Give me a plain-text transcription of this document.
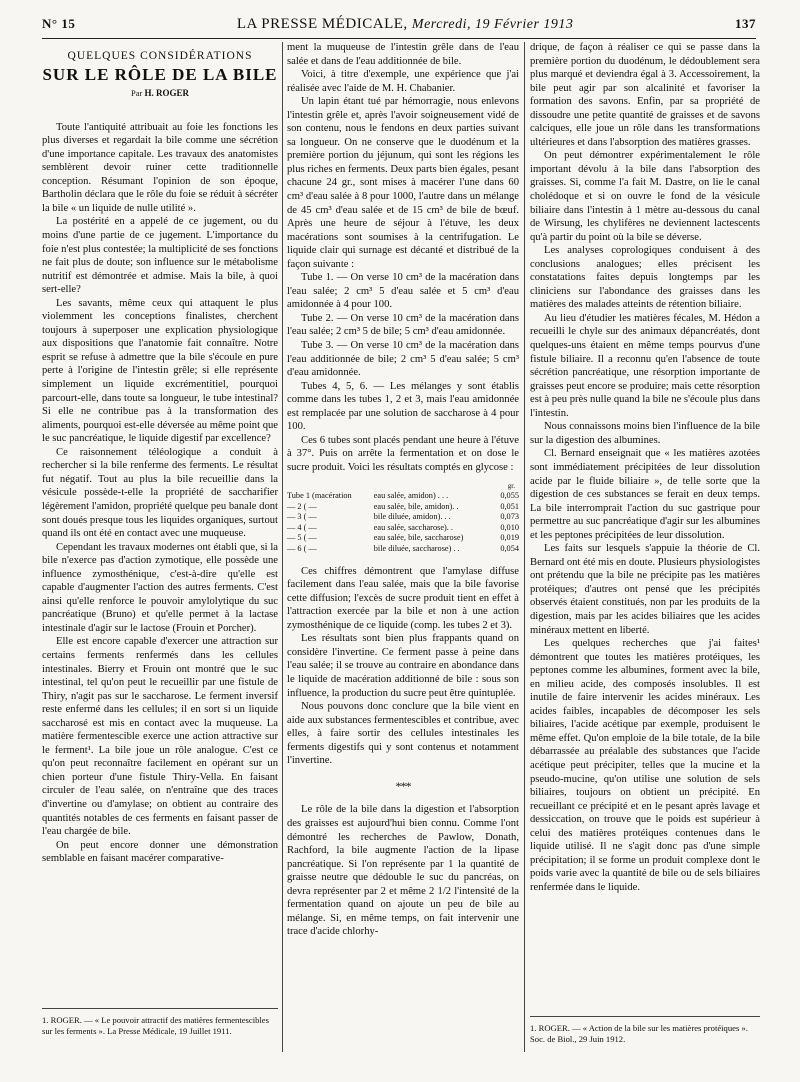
N° 15	LA PRESSE MÉDICALE, Mercredi, 19 Février 1913	137
QUELQUES CONSIDÉRATIONS
SUR LE RÔLE DE LA BILE
Par H. ROGER

Toute l'antiquité attribuait au foie les fonctions les plus diverses et regardait la bile comme une sécrétion d'une importance capitale. Les travaux des anatomistes semblèrent devoir ruiner cette traditionnelle conception. Résumant l'opinion de son époque, Bartholin déclara que le rôle du foie se réduit à sécréter la bile « un liquide de nulle utilité ».

La postérité en a appelé de ce jugement, ou du moins d'une partie de ce jugement. L'importance du foie n'est plus contestée; la multiplicité de ses fonctions ne fait plus de doute; son influence sur le métabolisme nutritif est démontrée et admise. Mais la bile, à quoi sert-elle?

Les savants, même ceux qui attaquent le plus violemment les conceptions finalistes, cherchent toujours à superposer une explication physiologique aux dispositions que l'anatomie fait connaître. Notre esprit se refuse à admettre que la bile s'écoule en pure perte à l'origine de l'intestin grêle; si elle représente simplement un liquide excrémentitiel, pourquoi parcourt-elle, dans toute sa longueur, le tube intestinal? Si elle ne contribue pas à la transformation des aliments, pourquoi est-elle déversée au même point que le suc pancréatique, le liquide digestif par excellence?

Ce raisonnement téléologique a conduit à rechercher si la bile renferme des ferments. Le résultat fut négatif. Tout au plus la bile recueillie dans la vésicule possède-t-elle la propriété de saccharifier légèrement l'amidon, propriété quelque peu banale dont sont doués presque tous les liquides organiques, surtout quand ils ont été en contact avec une muqueuse.

Cependant les travaux modernes ont établi que, si la bile n'exerce pas d'action zymotique, elle possède une influence zymosthénique, c'est-à-dire qu'elle est capable d'augmenter l'action des autres ferments. C'est ainsi qu'elle renforce le pouvoir amylolytique du suc pancréatique (Bruno) et qu'elle permet à la lactase intestinale d'agir sur le lactose (Frouin et Porcher).

Elle est encore capable d'exercer une attraction sur certains ferments renfermés dans les cellules intestinales. Bierry et Frouin ont montré que le suc intestinal, tel qu'on peut le recueillir par une fistule de Thiry, n'agit pas sur le saccharose. Le ferment inversif reste enfermé dans les cellules; il en sort si un liquide saccharosé est mis en contact avec la muqueuse. La matière fermentescible exerce une action attractive sur le ferment¹. La bile joue un rôle analogue. C'est ce qu'on peut reconnaître facilement en opérant sur un chien porteur d'une fistule Thiry-Vella. En faisant circuler de l'eau salée, on n'entraîne que des traces d'invertine ou d'amylase; on obtient au contraire des quantités notables de ces ferments en faisant passer de l'eau chargée de bile.

On peut encore donner une démonstration semblable en faisant macérer comparative-

1. ROGER. — « Le pouvoir attractif des matières fermentescibles sur les ferments ». La Presse Médicale, 19 Juillet 1911.

ment la muqueuse de l'intestin grêle dans de l'eau salée et dans de l'eau additionnée de bile.

Voici, à titre d'exemple, une expérience que j'ai réalisée avec l'aide de M. H. Chabanier.

Un lapin étant tué par hémorragie, nous enlevons l'intestin grêle et, après l'avoir soigneusement vidé de son contenu, nous le fendons en deux parties suivant sa longueur. On ne conserve que le duodénum et la première portion du jéjunum, qui sont les régions les plus riches en ferments. Deux parts bien égales, pesant chacune 24 gr., sont mises à macérer l'une dans 60 cm³ d'eau salée à 8 pour 1000, l'autre dans un mélange de 45 cm³ d'eau salée et de 15 cm³ de bile de bœuf. Après une heure de séjour à l'étuve, les deux macérations sont soumises à la centrifugation. Le liquide clair qui surnage est décanté et distribué de la façon suivante :

Tube 1. — On verse 10 cm³ de la macération dans l'eau salée; 2 cm³ 5 d'eau salée et 5 cm³ d'eau amidonnée à 4 pour 100.

Tube 2. — On verse 10 cm³ de la macération dans l'eau salée; 2 cm³ 5 de bile; 5 cm³ d'eau amidonnée.

Tube 3. — On verse 10 cm³ de la macération dans l'eau additionnée de bile; 2 cm³ 5 d'eau salée; 5 cm³ d'eau amidonnée.

Tubes 4, 5, 6. — Les mélanges y sont établis comme dans les tubes 1, 2 et 3, mais l'eau amidonnée est remplacée par une solution de saccharose à 4 pour 100.

Ces 6 tubes sont placés pendant une heure à l'étuve à 37°. Puis on arrête la fermentation et on dose le sucre produit. Voici les résultats comptés en glycose :

gr.
Tube 1 (macération	eau salée, amidon) . . .	0,055
— 2 ( —	eau salée, bile, amidon). .	0,051
— 3 ( —	bile diluée, amidon). . .	0,073
— 4 ( —	eau salée, saccharose). .	0,010
— 5 ( —	eau salée, bile, saccharose)	0,019
— 6 ( —	bile diluée, saccharose) . .	0,054

Ces chiffres démontrent que l'amylase diffuse facilement dans l'eau salée, mais que la bile favorise cette diffusion; l'excès de sucre produit tient en effet à l'attraction exercée par la bile et non à une action zymosthénique de ce liquide (comp. les tubes 2 et 3).

Les résultats sont bien plus frappants quand on considère l'invertine. Ce ferment passe à peine dans l'eau salée; il se trouve au contraire en abondance dans le liquide de macération additionné de bile : sous son influence, la production du sucre peut être quintuplée.

Nous pouvons donc conclure que la bile vient en aide aux substances fermentescibles et contribue, avec elles, à faire sortir des cellules intestinales les ferments digestifs qui y sont contenus et notamment l'invertine.

***

Le rôle de la bile dans la digestion et l'absorption des graisses est aujourd'hui bien connu. Comme l'ont démontré les recherches de Pawlow, Donath, Rachford, la bile augmente l'action de la lipase pancréatique. Si l'on représente par 1 la quantité de graisse neutre que dédouble le suc du pancréas, on devra représenter par 2 et même 2 1/2 l'intensité de la fermentation quand on ajoute un peu de bile au mélange. Si, en même temps, on fait intervenir une trace d'acide chlorhy-

drique, de façon à réaliser ce qui se passe dans la première portion du duodénum, le dédoublement sera plus marqué et deviendra égal à 3. Accessoirement, la bile peut agir par son alcalinité et favoriser la formation des savons. Enfin, par sa propriété de dissoudre une petite quantité de graisses et de savons calciques, elle joue un rôle dans les transformations ultérieures et dans l'absorption des matières grasses.

On peut démontrer expérimentalement le rôle important dévolu à la bile dans l'absorption des graisses. Si, comme l'a fait M. Dastre, on lie le canal cholédoque et si on ouvre le fond de la vésicule biliaire dans l'intestin à 1 mètre au-dessous du canal de Wirsung, les chylifères ne deviennent lactescents qu'à partir du point où la bile se déverse.

Les analyses coprologiques conduisent à des conclusions analogues; elles précisent les constatations faites depuis longtemps par les cliniciens sur l'abondance des graisses dans les matières des malades atteints de rétention biliaire.

Au lieu d'étudier les matières fécales, M. Hédon a recueilli le chyle sur des animaux dépancréatés, dont quelques-uns étaient en même temps pourvus d'une fistule biliaire. Il a reconnu qu'en l'absence de toute sécrétion pancréatique, une résorption importante de graisses peut encore se produire; mais cette résorption est à peu près nulle quand la bile ne s'écoule plus dans l'intestin.

Nous connaissons moins bien l'influence de la bile sur la digestion des albumines.

Cl. Bernard enseignait que « les matières azotées sont immédiatement précipitées de leur dissolution acide par le fluide biliaire », de telle sorte que la digestion de ces substances se ferait en deux temps. La bile interromprait l'action du suc gastrique pour permettre au suc pancréatique d'agir sur les albumines et les peptones précipitées de leur dissolution.

Les faits sur lesquels s'appuie la théorie de Cl. Bernard ont été mis en doute. Plusieurs physiologistes ont prétendu que la bile ne précipite pas les matières protéiques; d'autres ont pensé que les précipités observés étaient constitués, non par les produits de la digestion, mais par les acides biliaires que les acides minéraux mettent en liberté.

Les quelques recherches que j'ai faites¹ démontrent que toutes les matières protéiques, les peptones comme les albumines, forment avec la bile, en milieu acide, des composés insolubles. Il est inutile de faire intervenir les acides minéraux. Les acides faibles, incapables de décomposer les sels biliaires, l'acide acétique par exemple, produisent le même effet. Qu'on emploie de la bile totale, de la bile débarrassée au préalable des substances que l'acide acétique peut précipiter, telles que la mucine et la pseudo-mucine, qu'on utilise une solution de sels biliaires, toujours on obtient un précipité. En recueillant ce précipité et en le pesant après lavage et dessiccation, on trouve que le poids est supérieur à celui des matières protéiques contenues dans le liquide utilisé. Il ne s'agit donc pas d'une simple précipitation; il se forme un produit complexe dont le poids varie avec la quantité de bile ou de sels biliaires renfermée dans le liquide.

1. ROGER. — « Action de la bile sur les matières protéiques ». Soc. de Biol., 29 Juin 1912.
